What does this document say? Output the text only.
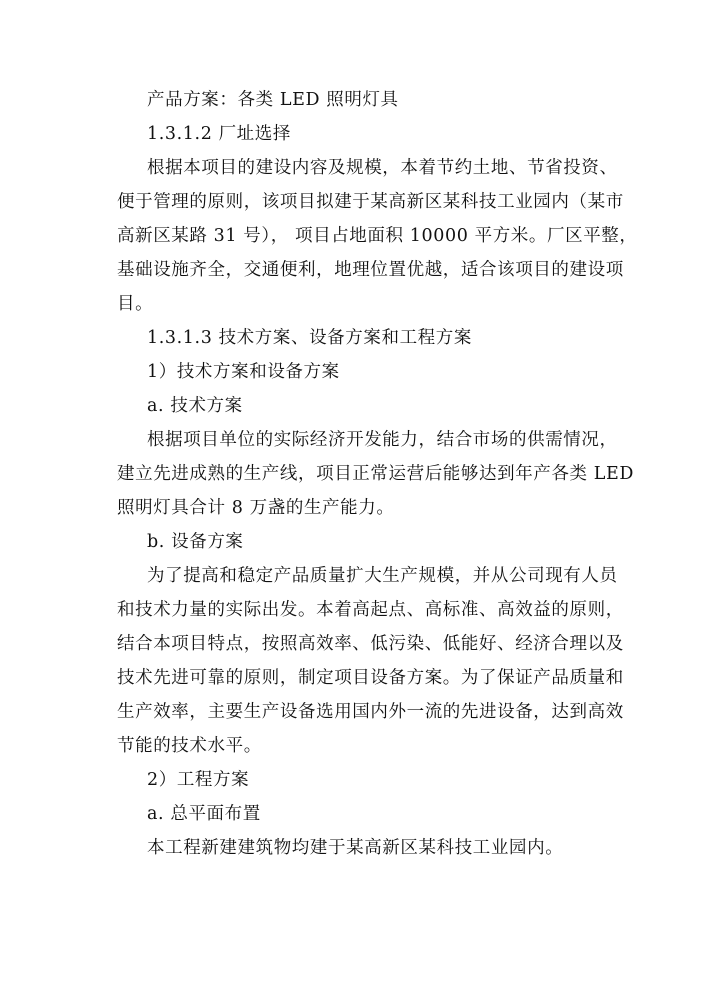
产品方案：各类 LED 照明灯具
1.3.1.2 厂址选择
根据本项目的建设内容及规模，本着节约土地、节省投资、
便于管理的原则，该项目拟建于某高新区某科技工业园内（某市
高新区某路 31 号）， 项目占地面积 10000 平方米。厂区平整，
基础设施齐全，交通便利，地理位置优越，适合该项目的建设项
目。
1.3.1.3 技术方案、设备方案和工程方案
1）技术方案和设备方案
a. 技术方案
根据项目单位的实际经济开发能力，结合市场的供需情况，
建立先进成熟的生产线，项目正常运营后能够达到年产各类 LED
照明灯具合计 8 万盏的生产能力。
b. 设备方案
为了提高和稳定产品质量扩大生产规模，并从公司现有人员
和技术力量的实际出发。本着高起点、高标准、高效益的原则，
结合本项目特点，按照高效率、低污染、低能好、经济合理以及
技术先进可靠的原则，制定项目设备方案。为了保证产品质量和
生产效率，主要生产设备选用国内外一流的先进设备，达到高效
节能的技术水平。
2）工程方案
a. 总平面布置
本工程新建建筑物均建于某高新区某科技工业园内。
